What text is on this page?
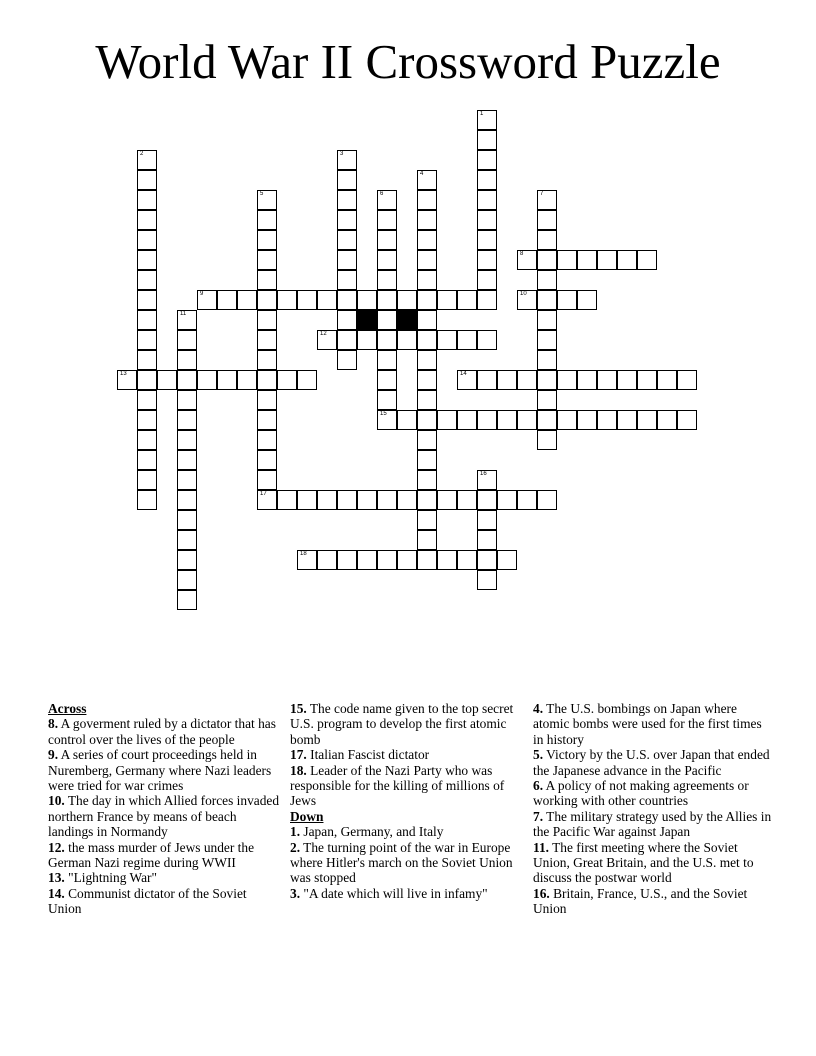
World War II Crossword Puzzle
1
2	3
4
5	6	7
8
9	10
11
12
13	14
15
16
17
18
Across
8. A goverment ruled by a dictator that has control over the lives of the people
9. A series of court proceedings held in Nuremberg, Germany where Nazi leaders were tried for war crimes
10. The day in which Allied forces invaded northern France by means of beach landings in Normandy
12. the mass murder of Jews under the German Nazi regime during WWII
13. "Lightning War"
14. Communist dictator of the Soviet Union
15. The code name given to the top secret U.S. program to develop the first atomic bomb
17. Italian Fascist dictator
18. Leader of the Nazi Party who was responsible for the killing of millions of Jews
Down
1. Japan, Germany, and Italy
2. The turning point of the war in Europe where Hitler's march on the Soviet Union was stopped
3. "A date which will live in infamy"
4. The U.S. bombings on Japan where atomic bombs were used for the first times in history
5. Victory by the U.S. over Japan that ended the Japanese advance in the Pacific
6. A policy of not making agreements or working with other countries
7. The military strategy used by the Allies in the Pacific War against Japan
11. The first meeting where the Soviet Union, Great Britain, and the U.S. met to discuss the postwar world
16. Britain, France, U.S., and the Soviet Union
